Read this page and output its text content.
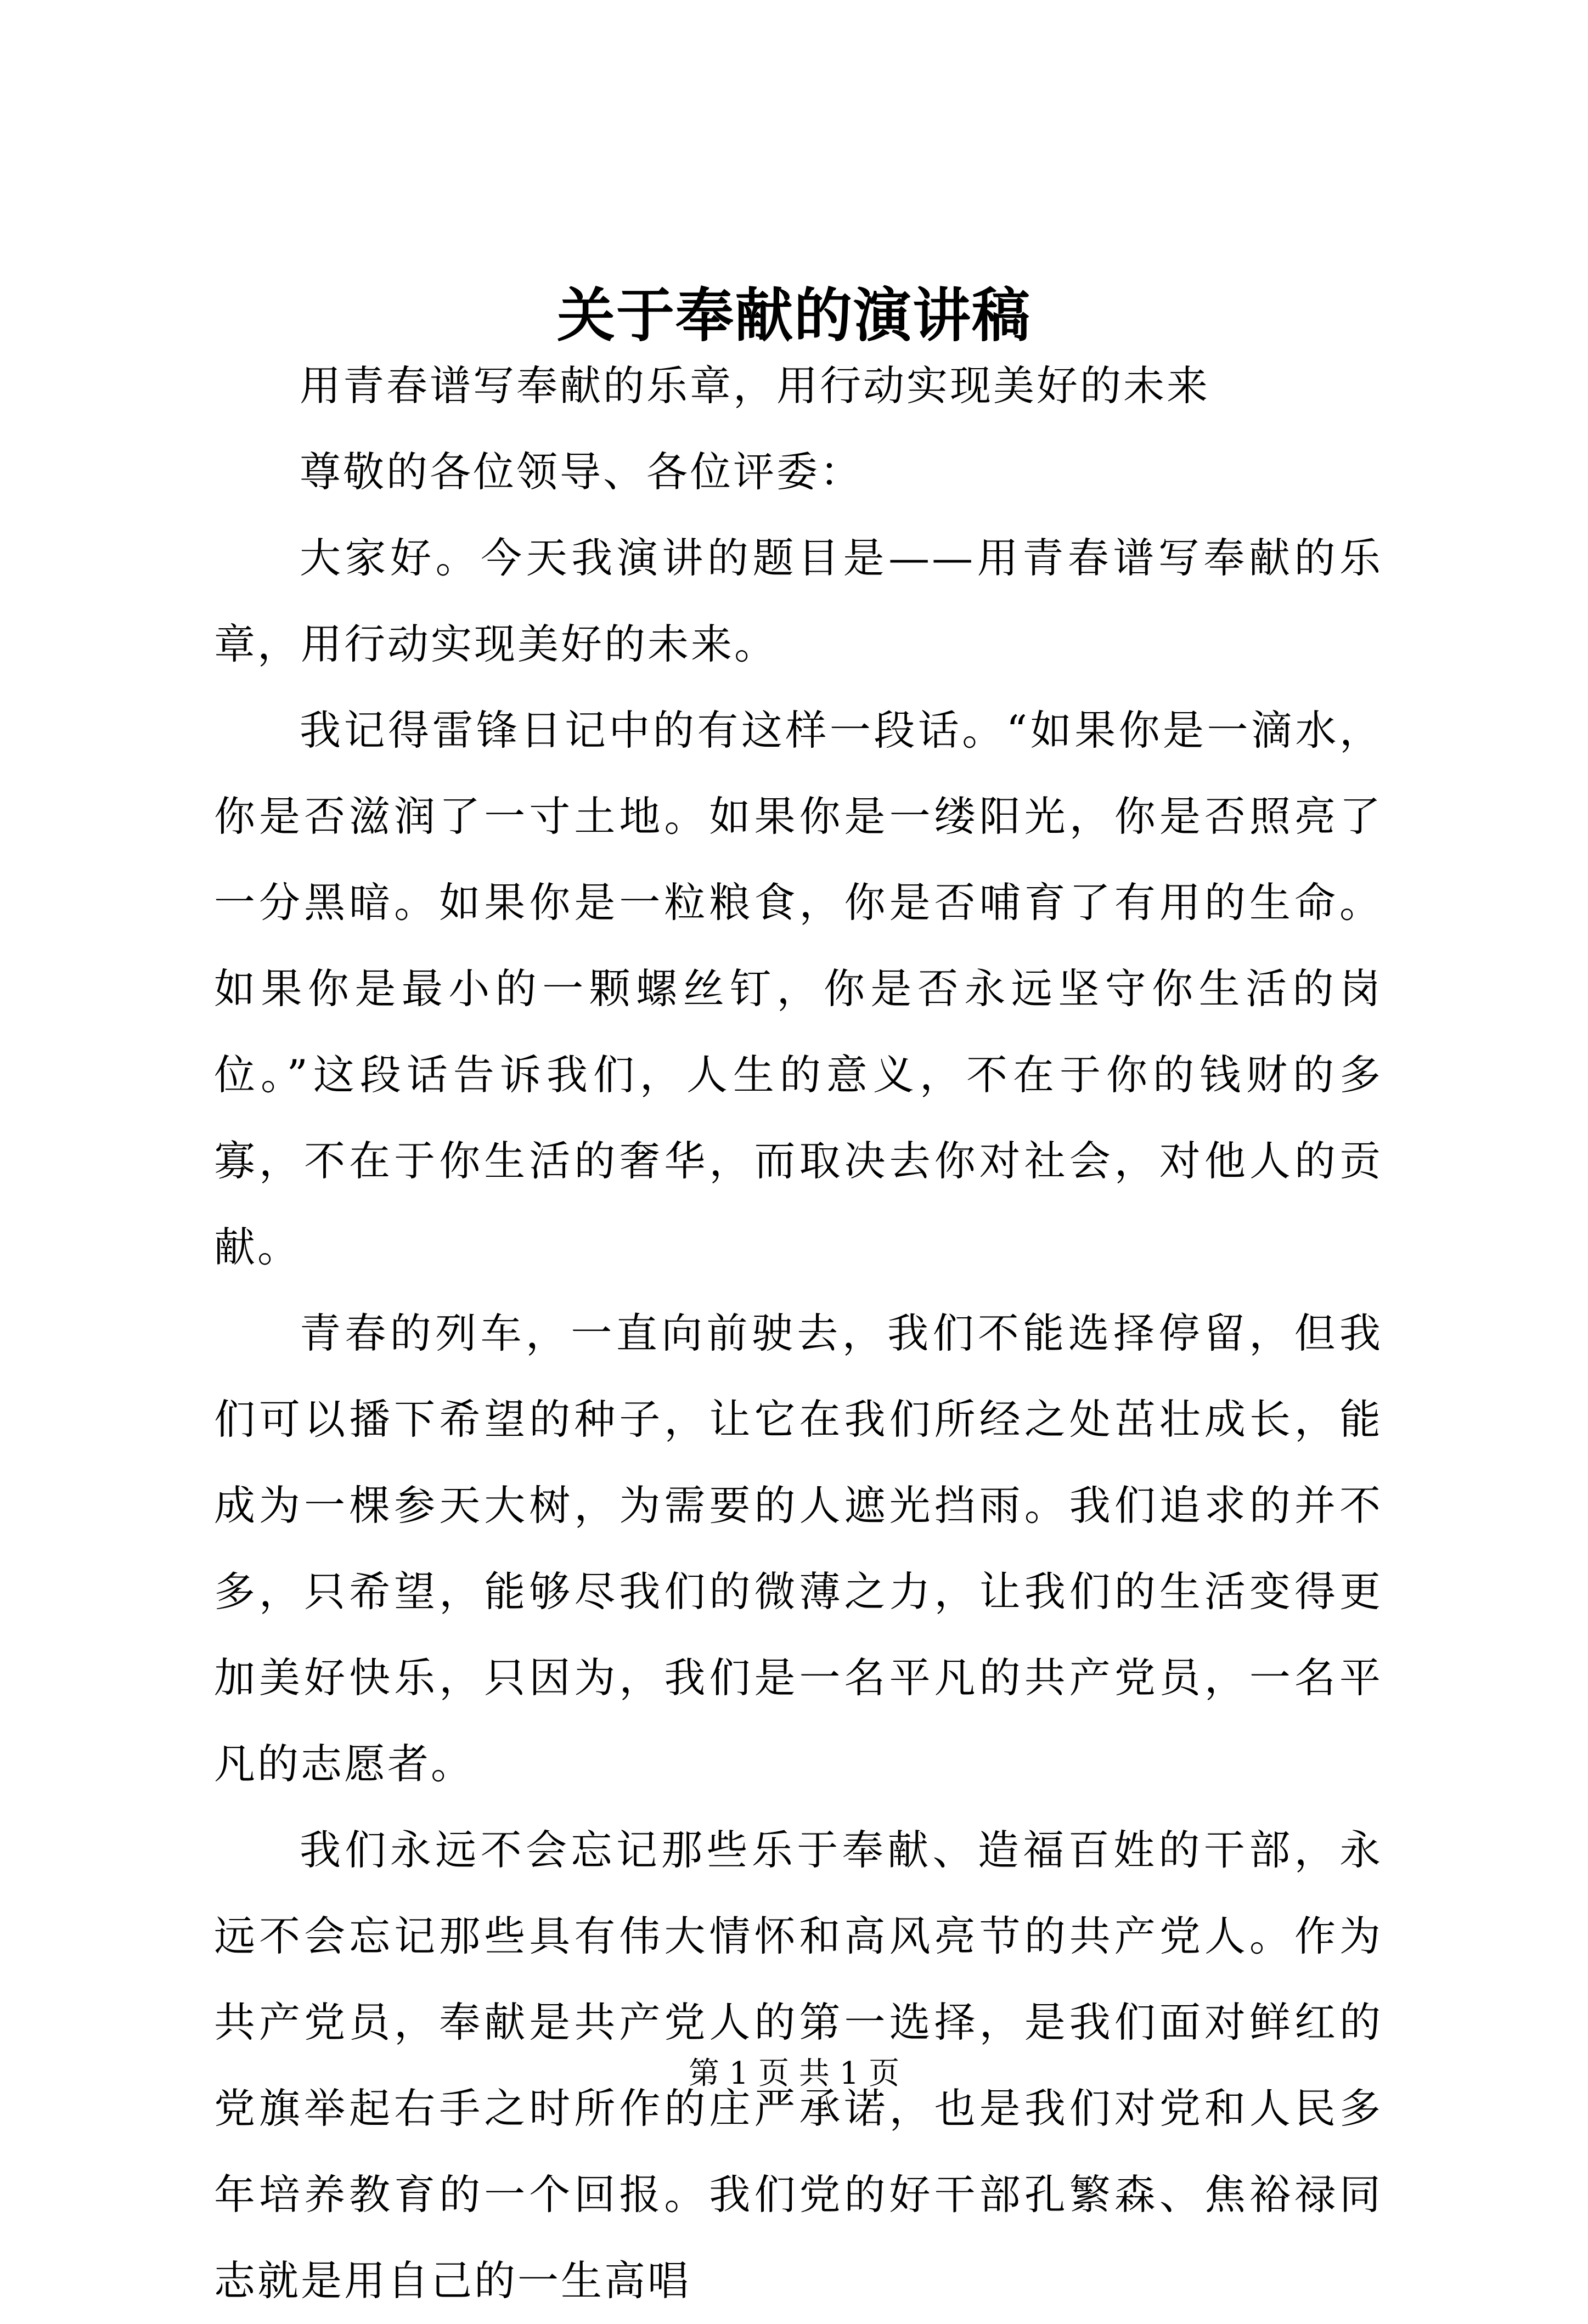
关于奉献的演讲稿

用青春谱写奉献的乐章，用行动实现美好的未来

尊敬的各位领导、各位评委：

大家好。今天我演讲的题目是——用青春谱写奉献的乐章，用行动实现美好的未来。

我记得雷锋日记中的有这样一段话。“如果你是一滴水，你是否滋润了一寸土地。如果你是一缕阳光，你是否照亮了一分黑暗。如果你是一粒粮食，你是否哺育了有用的生命。如果你是最小的一颗螺丝钉，你是否永远坚守你生活的岗位。”这段话告诉我们，人生的意义，不在于你的钱财的多寡，不在于你生活的奢华，而取决去你对社会，对他人的贡献。

青春的列车，一直向前驶去，我们不能选择停留，但我们可以播下希望的种子，让它在我们所经之处茁壮成长，能成为一棵参天大树，为需要的人遮光挡雨。我们追求的并不多，只希望，能够尽我们的微薄之力，让我们的生活变得更加美好快乐，只因为，我们是一名平凡的共产党员，一名平凡的志愿者。

我们永远不会忘记那些乐于奉献、造福百姓的干部，永远不会忘记那些具有伟大情怀和高风亮节的共产党人。作为共产党员，奉献是共产党人的第一选择，是我们面对鲜红的党旗举起右手之时所作的庄严承诺，也是我们对党和人民多年培养教育的一个回报。我们党的好干部孔繁森、焦裕禄同志就是用自己的一生高唱

第 1 页 共 1 页
